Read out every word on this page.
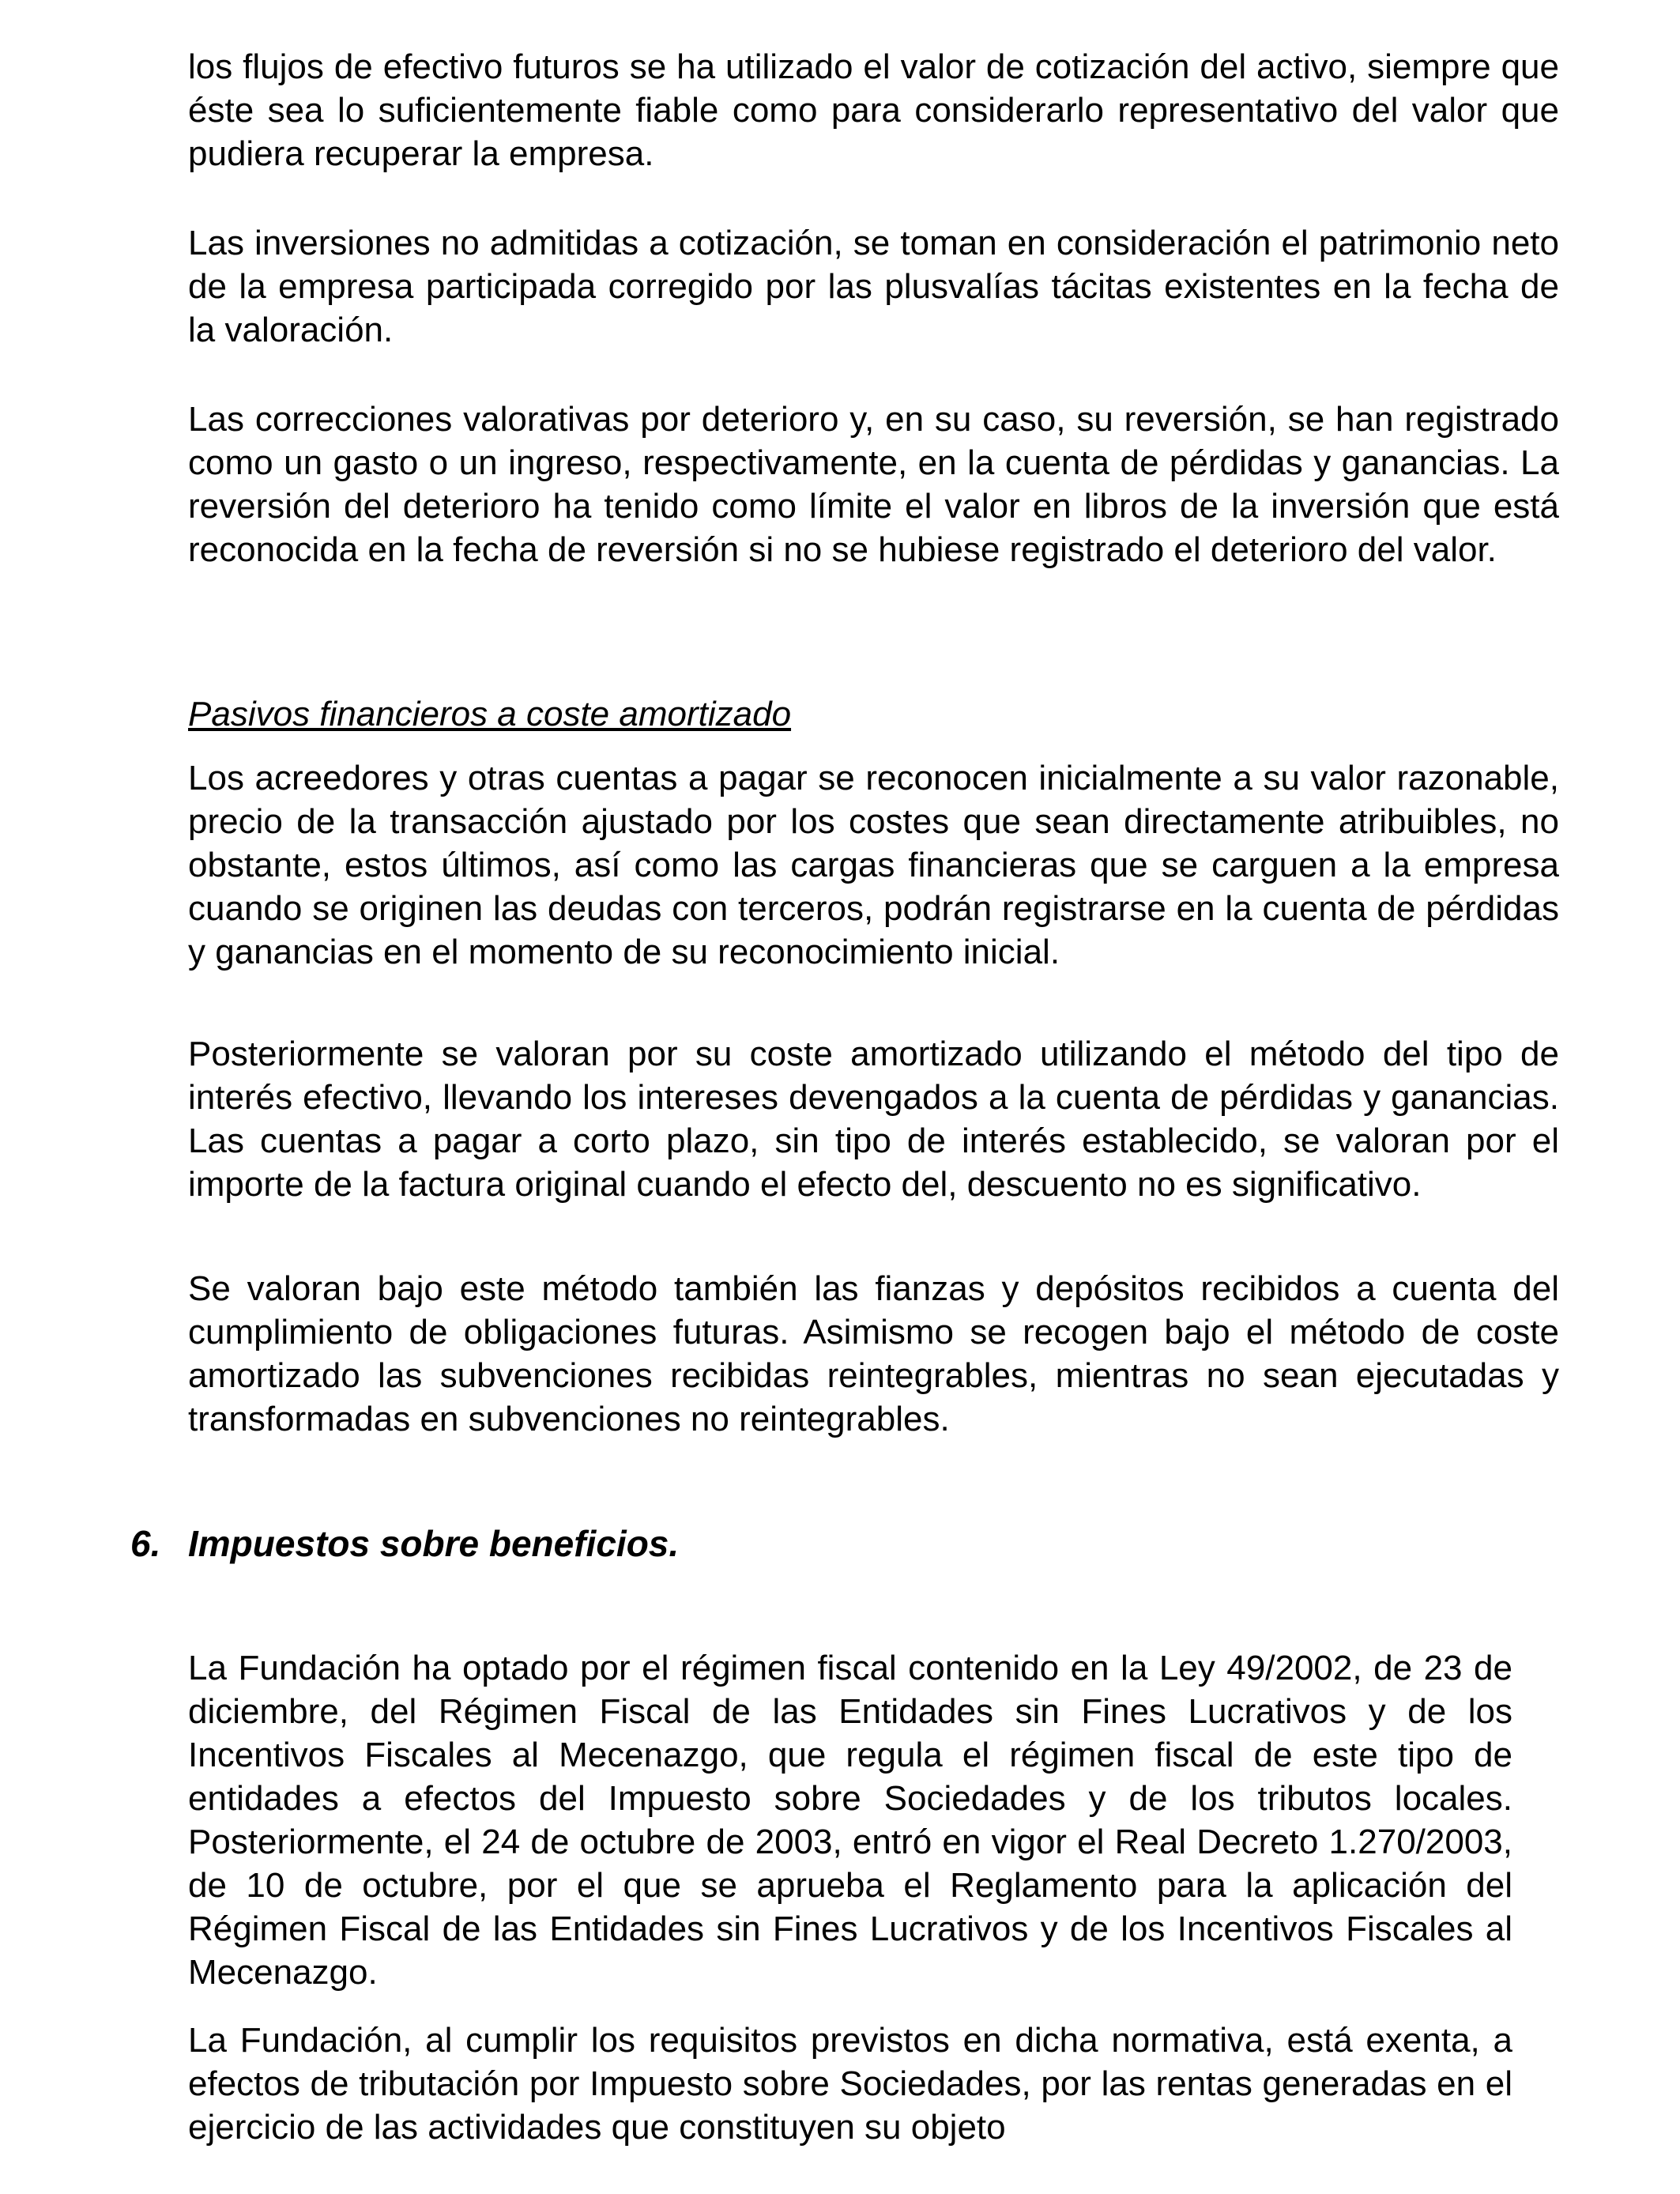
los flujos de efectivo futuros se ha utilizado el valor de cotización del activo, siempre que éste sea lo suficientemente fiable como para considerarlo representativo del valor que pudiera recuperar la empresa.

Las inversiones no admitidas a cotización, se toman en consideración el patrimonio neto de la empresa participada corregido por las plusvalías tácitas existentes en la fecha de la valoración.

Las correcciones valorativas por deterioro y, en su caso, su reversión, se han registrado como un gasto o un ingreso, respectivamente, en la cuenta de pérdidas y ganancias. La reversión del deterioro ha tenido como límite el valor en libros de la inversión que está reconocida en la fecha de reversión si no se hubiese registrado el deterioro del valor.

Pasivos financieros a coste amortizado

Los acreedores y otras cuentas a pagar se reconocen inicialmente a su valor razonable, precio de la transacción ajustado por los costes que sean directamente atribuibles, no obstante, estos últimos, así como las cargas financieras que se carguen a la empresa cuando se originen las deudas con terceros, podrán registrarse en la cuenta de pérdidas y ganancias en el momento de su reconocimiento inicial.

Posteriormente se valoran por su coste amortizado utilizando el método del tipo de interés efectivo, llevando los intereses devengados a la cuenta de pérdidas y ganancias. Las cuentas a pagar a corto plazo, sin tipo de interés establecido, se valoran por el importe de la factura original cuando el efecto del, descuento no es significativo.

Se valoran bajo este método también las fianzas y depósitos recibidos a cuenta del cumplimiento de obligaciones futuras. Asimismo se recogen bajo el método de coste amortizado las subvenciones recibidas reintegrables, mientras no sean ejecutadas y transformadas en subvenciones no reintegrables.

6. Impuestos sobre beneficios.

La Fundación ha optado por el régimen fiscal contenido en la Ley 49/2002, de 23 de diciembre, del Régimen Fiscal de las Entidades sin Fines Lucrativos y de los Incentivos Fiscales al Mecenazgo, que regula el régimen fiscal de este tipo de entidades a efectos del Impuesto sobre Sociedades y de los tributos locales. Posteriormente, el 24 de octubre de 2003, entró en vigor el Real Decreto 1.270/2003, de 10 de octubre, por el que se aprueba el Reglamento para la aplicación del Régimen Fiscal de las Entidades sin Fines Lucrativos y de los Incentivos Fiscales al Mecenazgo.

La Fundación, al cumplir los requisitos previstos en dicha normativa, está exenta, a efectos de tributación por Impuesto sobre Sociedades, por las rentas generadas en el ejercicio de las actividades que constituyen su objeto
